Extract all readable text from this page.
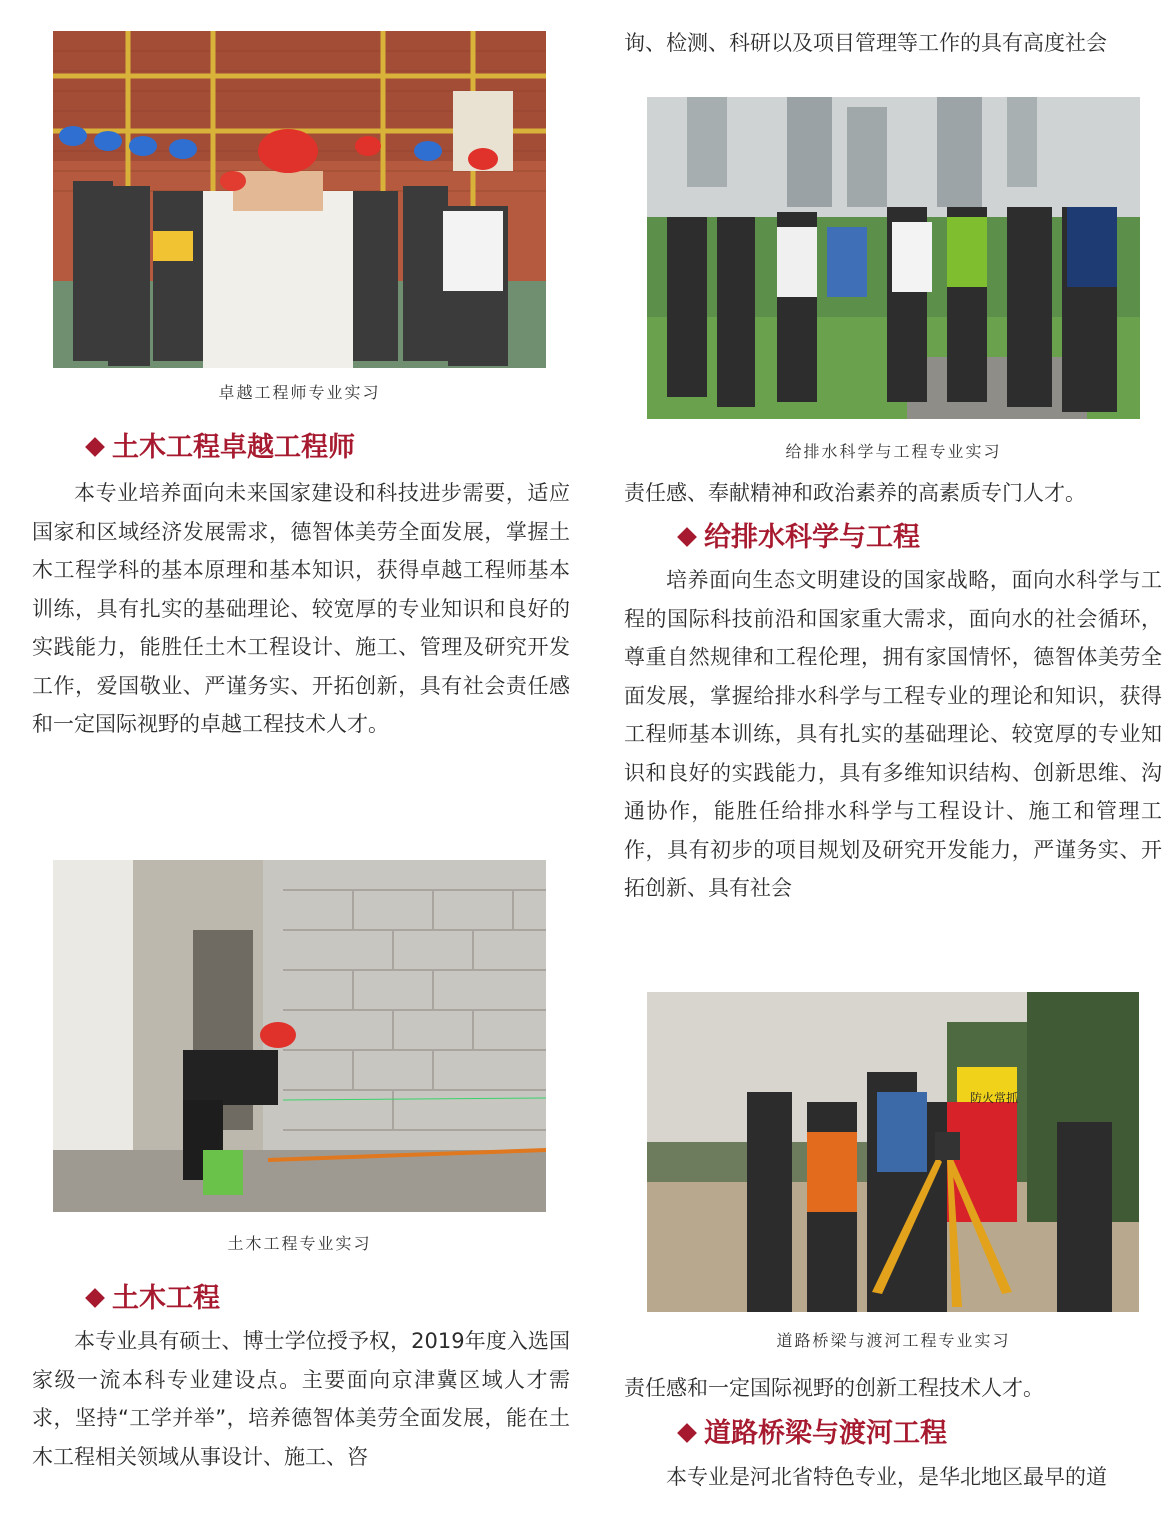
卓越工程师专业实习
土木工程卓越工程师

本专业培养面向未来国家建设和科技进步需要，适应国家和区域经济发展需求，德智体美劳全面发展，掌握土木工程学科的基本原理和基本知识，获得卓越工程师基本训练，具有扎实的基础理论、较宽厚的专业知识和良好的实践能力，能胜任土木工程设计、施工、管理及研究开发工作，爱国敬业、严谨务实、开拓创新，具有社会责任感和一定国际视野的卓越工程技术人才。

土木工程专业实习
土木工程

本专业具有硕士、博士学位授予权，2019年度入选国家级一流本科专业建设点。主要面向京津冀区域人才需求，坚持“工学并举”，培养德智体美劳全面发展，能在土木工程相关领域从事设计、施工、咨

询、检测、科研以及项目管理等工作的具有高度社会
给排水科学与工程专业实习
责任感、奉献精神和政治素养的高素质专门人才。
给排水科学与工程

培养面向生态文明建设的国家战略，面向水科学与工程的国际科技前沿和国家重大需求，面向水的社会循环，尊重自然规律和工程伦理，拥有家国情怀，德智体美劳全面发展，掌握给排水科学与工程专业的理论和知识，获得工程师基本训练，具有扎实的基础理论、较宽厚的专业知识和良好的实践能力，具有多维知识结构、创新思维、沟通协作，能胜任给排水科学与工程设计、施工和管理工作，具有初步的项目规划及研究开发能力，严谨务实、开拓创新、具有社会

防火常抓
道路桥梁与渡河工程专业实习
责任感和一定国际视野的创新工程技术人才。
道路桥梁与渡河工程

本专业是河北省特色专业，是华北地区最早的道
